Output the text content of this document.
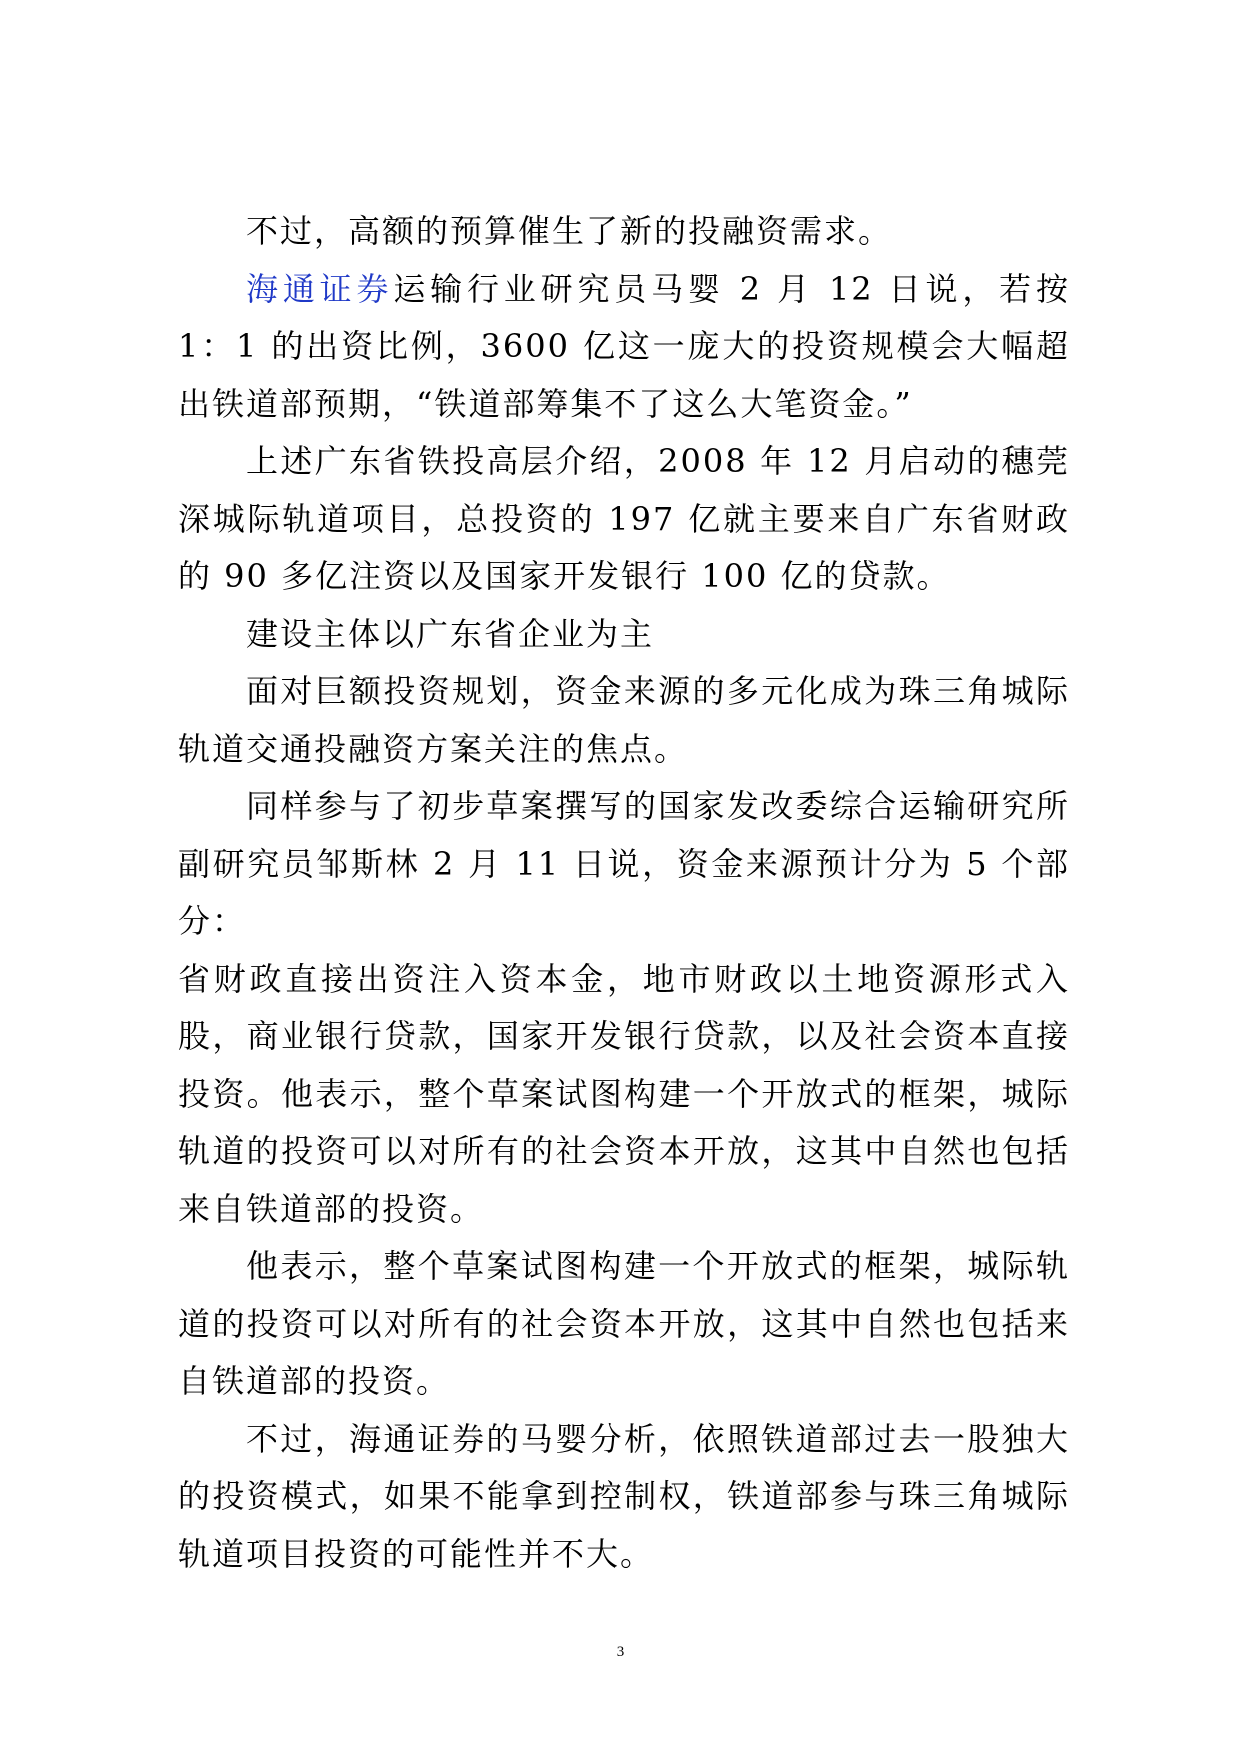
不过，高额的预算催生了新的投融资需求。

海通证券运输行业研究员马婴 2 月 12 日说，若按 1：1 的出资比例，3600 亿这一庞大的投资规模会大幅超出铁道部预期，“铁道部筹集不了这么大笔资金。”

上述广东省铁投高层介绍，2008 年 12 月启动的穗莞深城际轨道项目，总投资的 197 亿就主要来自广东省财政的 90 多亿注资以及国家开发银行 100 亿的贷款。

建设主体以广东省企业为主

面对巨额投资规划，资金来源的多元化成为珠三角城际轨道交通投融资方案关注的焦点。

同样参与了初步草案撰写的国家发改委综合运输研究所副研究员邹斯林 2 月 11 日说，资金来源预计分为 5 个部分：

省财政直接出资注入资本金，地市财政以土地资源形式入股，商业银行贷款，国家开发银行贷款，以及社会资本直接投资。他表示，整个草案试图构建一个开放式的框架，城际轨道的投资可以对所有的社会资本开放，这其中自然也包括来自铁道部的投资。

他表示，整个草案试图构建一个开放式的框架，城际轨道的投资可以对所有的社会资本开放，这其中自然也包括来自铁道部的投资。

不过，海通证券的马婴分析，依照铁道部过去一股独大的投资模式，如果不能拿到控制权，铁道部参与珠三角城际轨道项目投资的可能性并不大。

3
